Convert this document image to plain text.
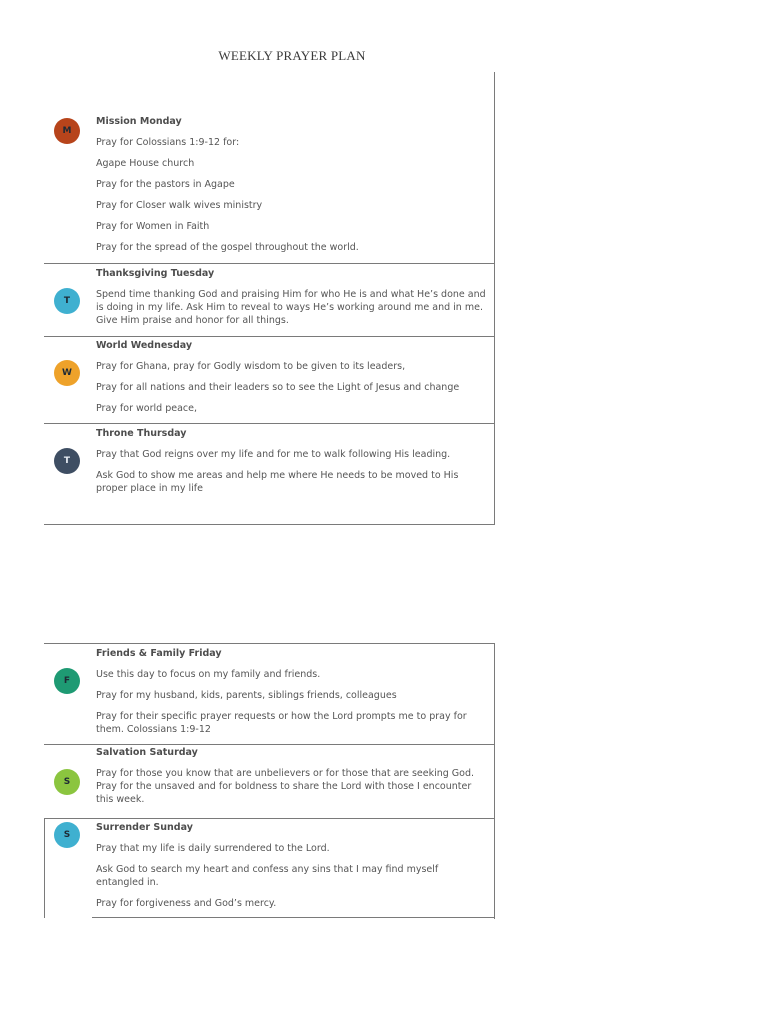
WEEKLY PRAYER PLAN
M
Mission Monday
Pray for Colossians 1:9-12 for:
Agape House church
Pray for the pastors in Agape
Pray for Closer walk wives ministry
Pray for Women in Faith
Pray for the spread of the gospel throughout the world.
T
Thanksgiving Tuesday
Spend time thanking God and praising Him for who He is and what He’s done and is doing in my life. Ask Him to reveal to ways He’s working around me and in me. Give Him praise and honor for all things.
W
World Wednesday
Pray for Ghana, pray for Godly wisdom to be given to its leaders,
Pray for all nations and their leaders so to see the Light of Jesus and change
Pray for world peace,
T
Throne Thursday
Pray that God reigns over my life and for me to walk following His leading.
Ask God to show me areas and help me where He needs to be moved to His proper place in my life
F
Friends & Family Friday
Use this day to focus on my family and friends.
Pray for my husband, kids, parents, siblings friends, colleagues
Pray for their specific prayer requests or how the Lord prompts me to pray for them. Colossians 1:9-12
S
Salvation Saturday
Pray for those you know that are unbelievers or for those that are seeking God. Pray for the unsaved and for boldness to share the Lord with those I encounter this week.
S
Surrender Sunday
Pray that my life is daily surrendered to the Lord.
Ask God to search my heart and confess any sins that I may find myself entangled in.
Pray for forgiveness and God’s mercy.
